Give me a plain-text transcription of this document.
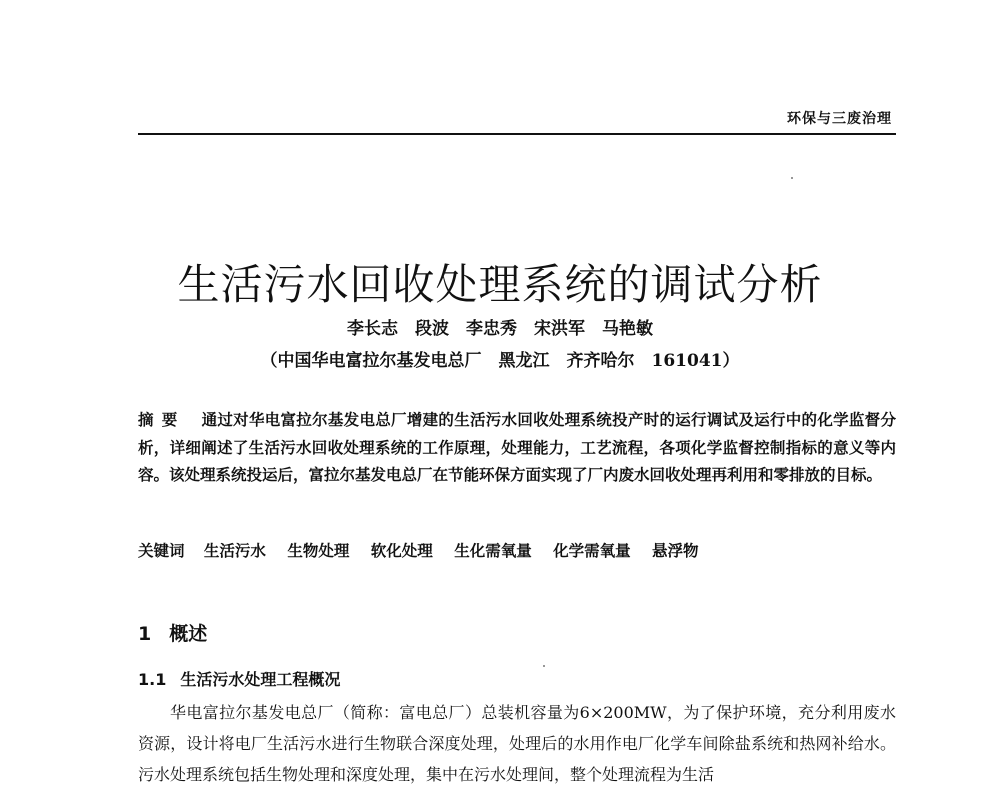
环保与三废治理
生活污水回收处理系统的调试分析
李长志　段波　李忠秀　宋洪军　马艳敏
（中国华电富拉尔基发电总厂　黑龙江　齐齐哈尔　161041）
摘要 通过对华电富拉尔基发电总厂增建的生活污水回收处理系统投产时的运行调试及运行中的化学监督分析，详细阐述了生活污水回收处理系统的工作原理，处理能力，工艺流程，各项化学监督控制指标的意义等内容。该处理系统投运后，富拉尔基发电总厂在节能环保方面实现了厂内废水回收处理再利用和零排放的目标。
关键词 生活污水 生物处理 软化处理 生化需氧量 化学需氧量 悬浮物
1 概述
1.1 生活污水处理工程概况

华电富拉尔基发电总厂（简称：富电总厂）总装机容量为6×200MW，为了保护环境，充分利用废水资源，设计将电厂生活污水进行生物联合深度处理，处理后的水用作电厂化学车间除盐系统和热网补给水。污水处理系统包括生物处理和深度处理，集中在污水处理间，整个处理流程为生活
